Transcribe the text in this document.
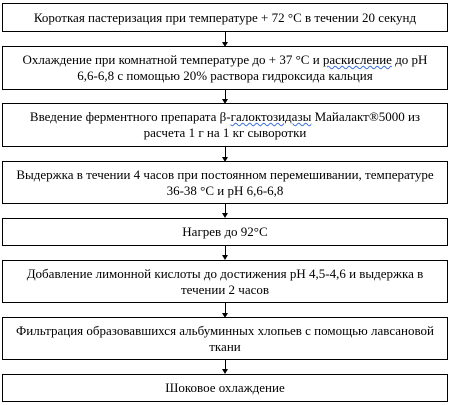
Короткая пастеризация при температуре + 72 °С в течении 20 секунд
Охлаждение при комнатной температуре до + 37 °С и раскисление до рН 6,6-6,8 с помощью 20% раствора гидроксида кальция
Введение ферментного препарата β-галоктозидазы Майалакт®5000 из расчета 1 г на 1 кг сыворотки
Выдержка в течении 4 часов при постоянном перемешивании, температуре 36-38 °С и рН 6,6-6,8
Нагрев до 92°С
Добавление лимонной кислоты до достижения рН 4,5-4,6 и выдержка в течении 2 часов
Фильтрация образовавшихся альбуминных хлопьев с помощью лавсановой ткани
Шоковое охлаждение
